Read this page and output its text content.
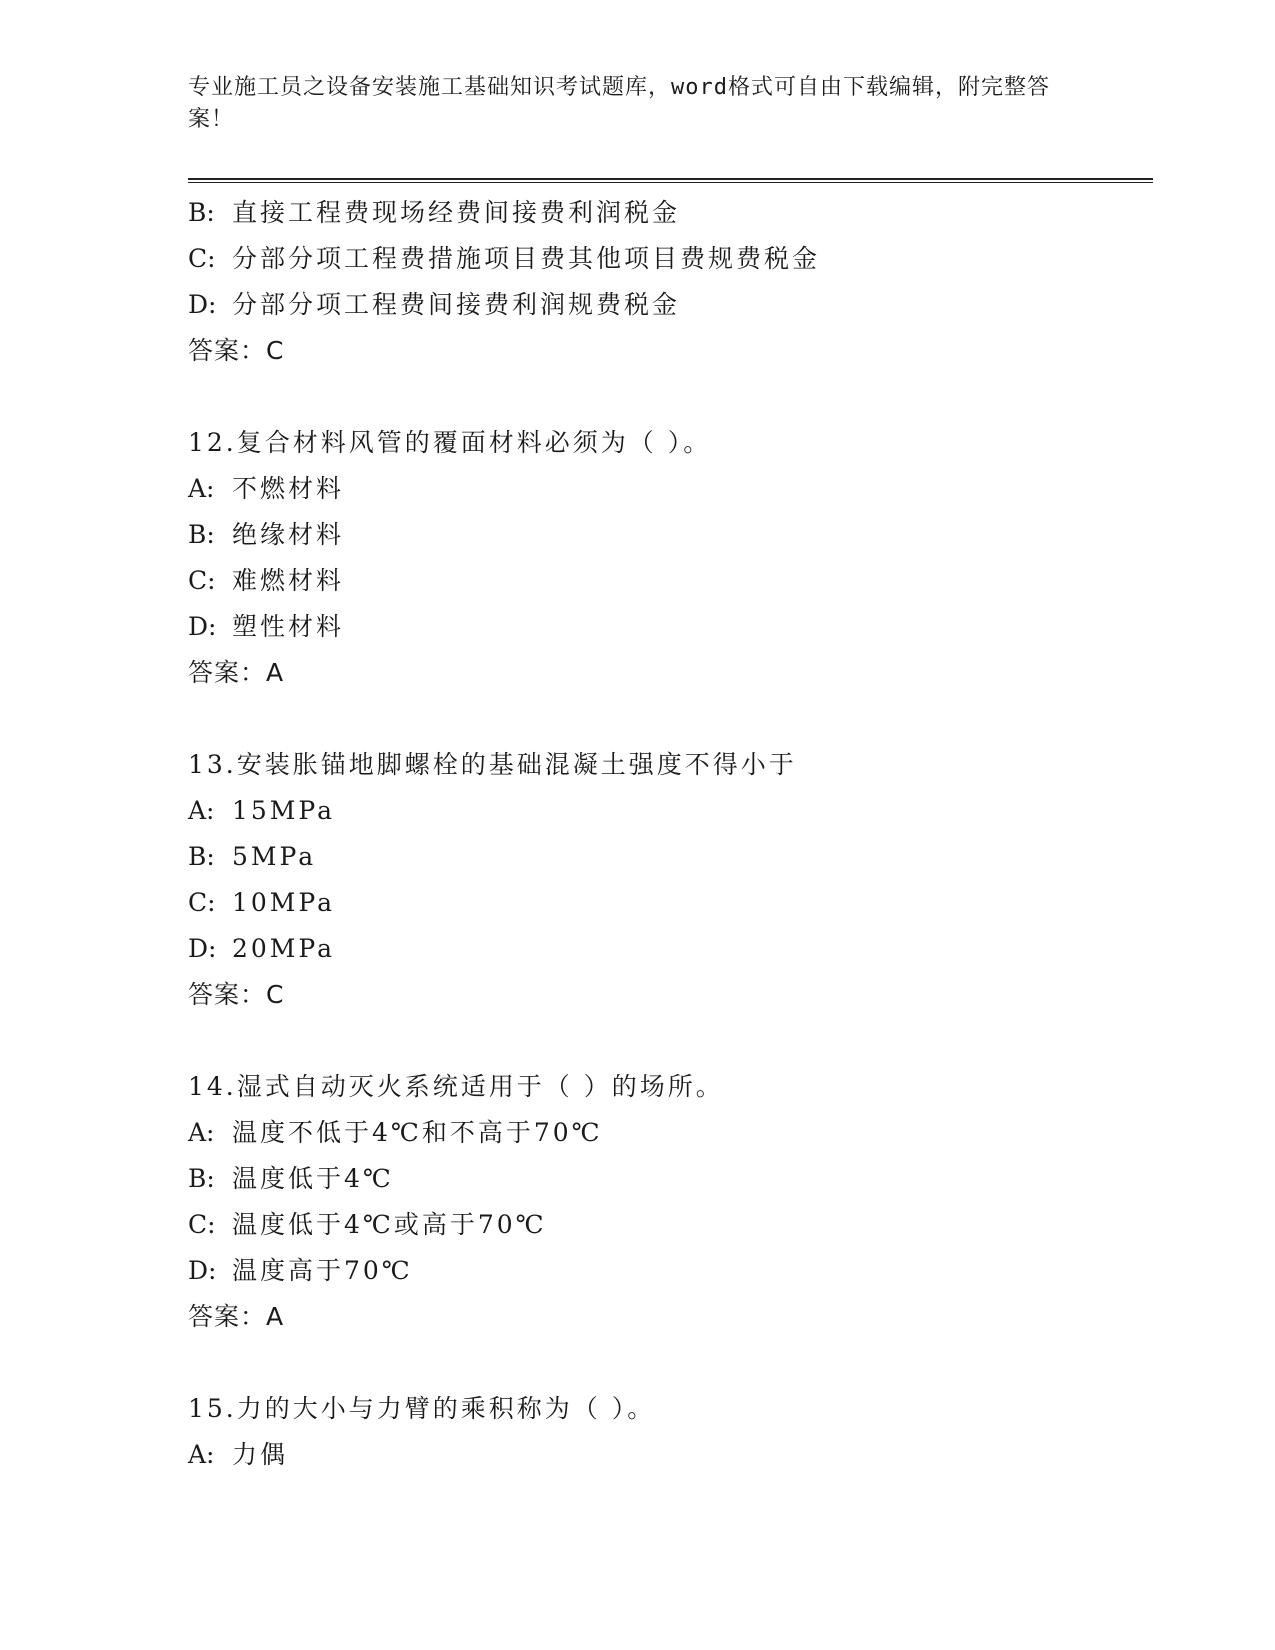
专业施工员之设备安装施工基础知识考试题库，word格式可自由下载编辑，附完整答案！
B: 直接工程费现场经费间接费利润税金
C: 分部分项工程费措施项目费其他项目费规费税金
D: 分部分项工程费间接费利润规费税金
答案：C
12.复合材料风管的覆面材料必须为（ ）。
A: 不燃材料
B: 绝缘材料
C: 难燃材料
D: 塑性材料
答案：A
13.安装胀锚地脚螺栓的基础混凝土强度不得小于
A: 15MPa
B: 5MPa
C: 10MPa
D: 20MPa
答案：C
14.湿式自动灭火系统适用于（ ）的场所。
A: 温度不低于4℃和不高于70℃
B: 温度低于4℃
C: 温度低于4℃或高于70℃
D: 温度高于70℃
答案：A
15.力的大小与力臂的乘积称为（ ）。
A: 力偶
